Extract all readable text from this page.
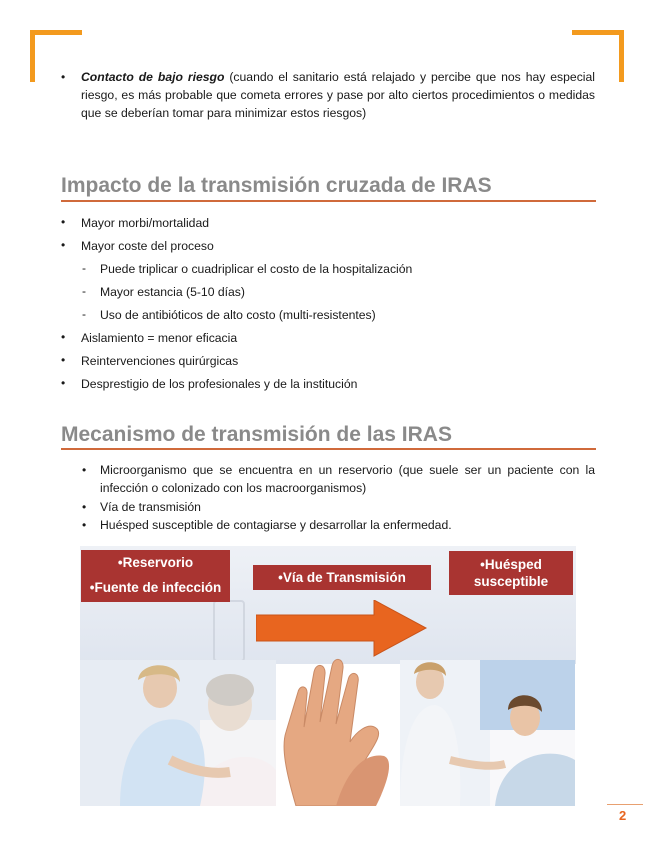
• Contacto de bajo riesgo (cuando el sanitario está relajado y percibe que nos hay especial riesgo, es más probable que cometa errores y pase por alto ciertos procedimientos o medidas que se deberían tomar para minimizar estos riesgos)
Impacto de la transmisión cruzada de IRAS
• Mayor morbi/mortalidad
• Mayor coste del proceso
- Puede triplicar o cuadriplicar el costo de la hospitalización
- Mayor estancia (5-10 días)
- Uso de antibióticos de alto costo (multi-resistentes)
• Aislamiento = menor eficacia
• Reintervenciones quirúrgicas
• Desprestigio de los profesionales y de la institución
Mecanismo de transmisión de las IRAS
• Microorganismo que se encuentra en un reservorio (que suele ser un paciente con la infección o colonizado con los macroorganismos)
• Vía de transmisión
• Huésped susceptible de contagiarse y desarrollar la enfermedad.
•Reservorio
•Fuente de infección
•Vía de Transmisión
•Huésped
susceptible
2
